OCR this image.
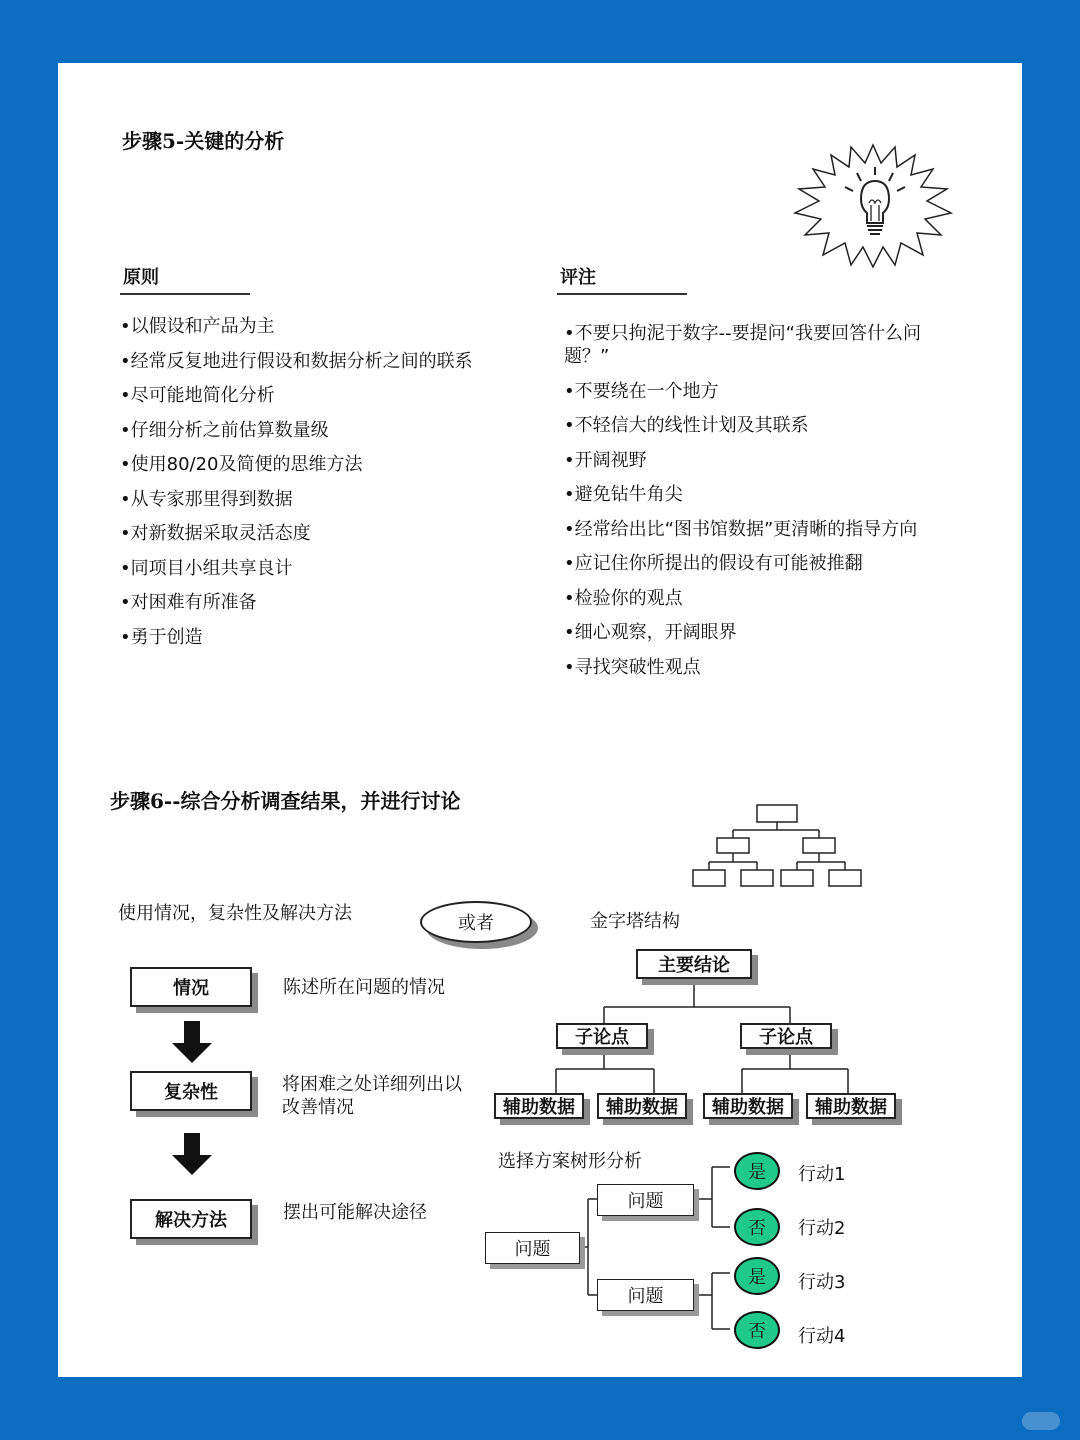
步骤5-关键的分析
原则
• 以假设和产品为主
• 经常反复地进行假设和数据分析之间的联系
• 尽可能地简化分析
• 仔细分析之前估算数量级
• 使用80/20及简便的思维方法
• 从专家那里得到数据
• 对新数据采取灵活态度
• 同项目小组共享良计
• 对困难有所准备
• 勇于创造
评注
• 不要只拘泥于数字--要提问“我要回答什么问题？”
• 不要绕在一个地方
• 不轻信大的线性计划及其联系
• 开阔视野
• 避免钻牛角尖
• 经常给出比“图书馆数据”更清晰的指导方向
• 应记住你所提出的假设有可能被推翻
• 检验你的观点
• 细心观察，开阔眼界
• 寻找突破性观点
步骤6--综合分析调查结果，并进行讨论
使用情况，复杂性及解决方法	或者
情况	陈述所在问题的情况
复杂性	将困难之处详细列出以改善情况
解决方法	摆出可能解决途径
金字塔结构
主要结论
子论点	子论点
辅助数据 辅助数据 辅助数据 辅助数据
选择方案树形分析
问题
问题
问题
是
否
是
否
行动1
行动2
行动3
行动4
